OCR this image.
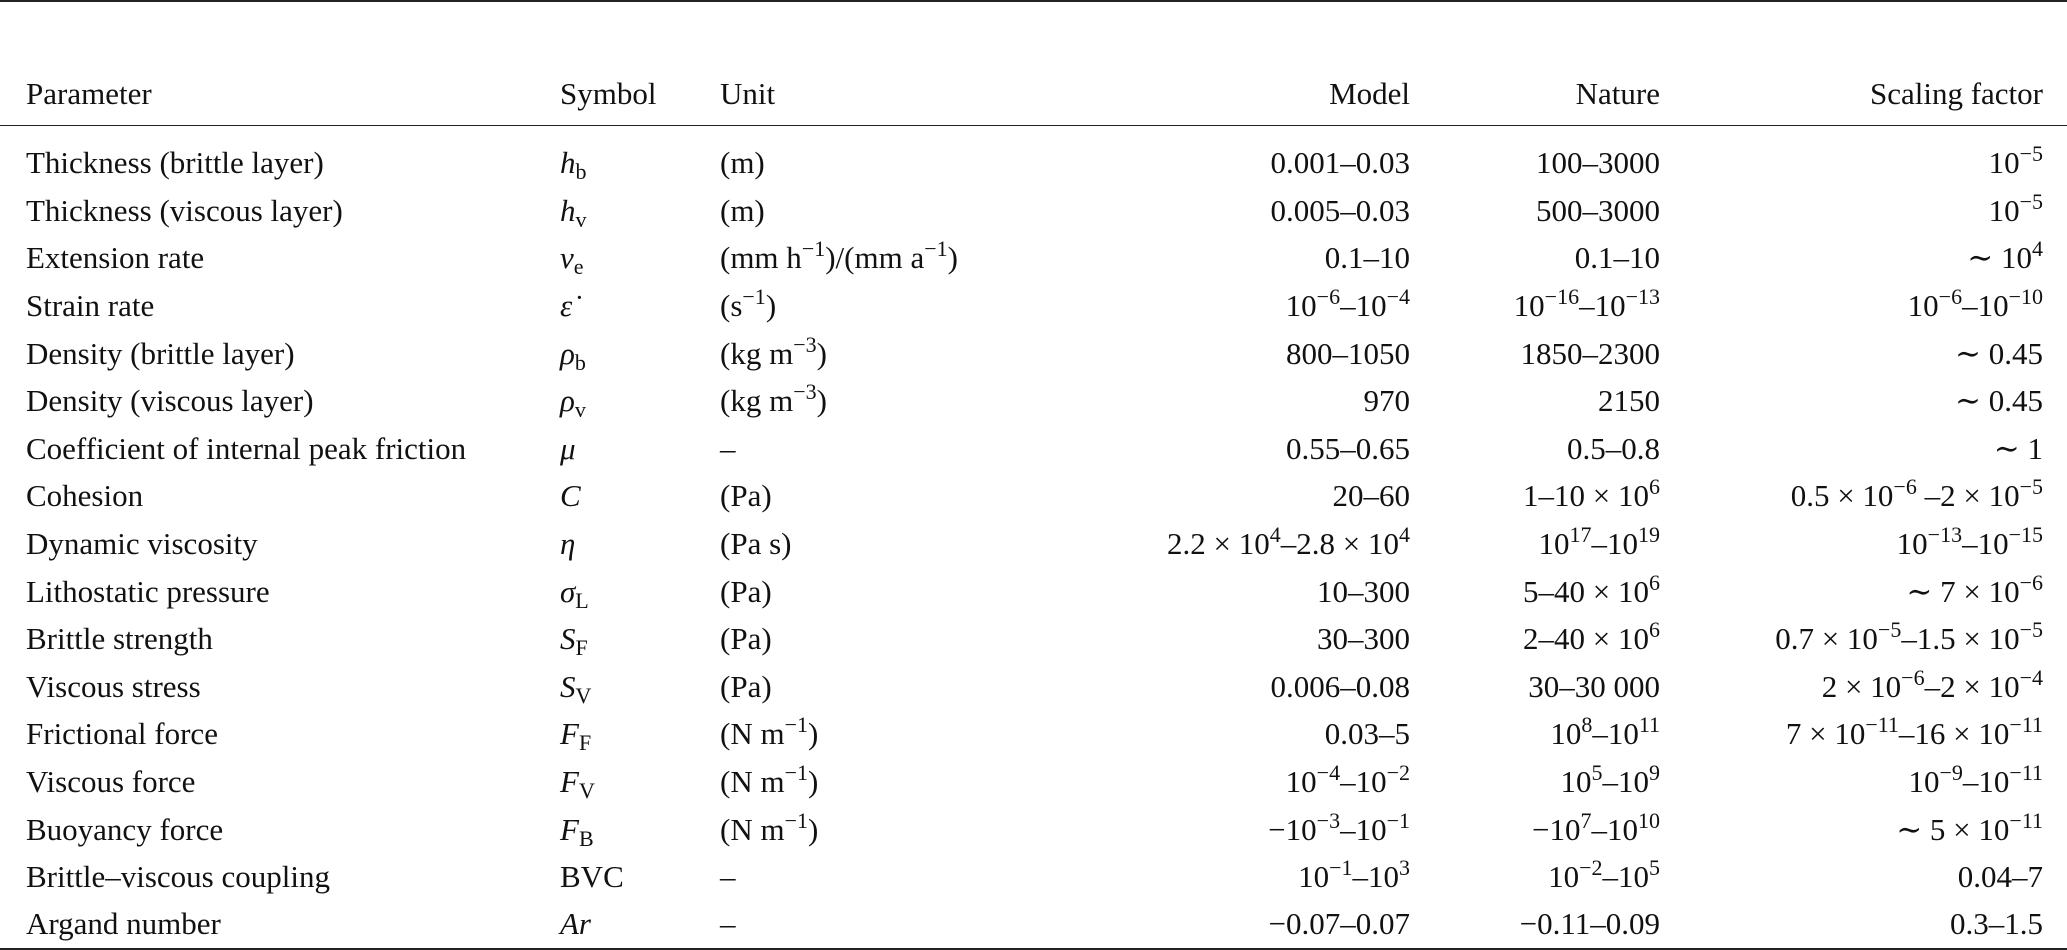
Parameter	Symbol	Unit	Model	Nature	Scaling factor

Thickness (brittle layer)	$h_b$	(m)	0.001–0.03	100–3000	$10^{-5}$
Thickness (viscous layer)	$h_v$	(m)	0.005–0.03	500–3000	$10^{-5}$
Extension rate	$v_e$	(mm $h^{-1})/(mm$ $a^{-1}$)	0.1–10	0.1–10	∼ $10^4$
Strain rate	ε̇	$(s^{-1})$	$10^{-6}-10^{-4}$	$10^{-16}-10^{-13}$	$10^{-6}-10^{-10}$
Density (brittle layer)	$\rho_b$	(kg $m^{-3}$)	800–1050	1850–2300	∼ 0.45
Density (viscous layer)	$\rho_v$	(kg $m^{-3}$)	970	2150	∼ 0.45
Coefficient of internal peak friction	μ	–	0.55–0.65	0.5–0.8	∼ 1
Cohesion	C	(Pa)	20–60	$1-10 \times 10^6$	$0.5 \times 10^{-6}$ $-2 \times 10^{-5}$
Dynamic viscosity	η	(Pa s)	$2.2 \times 10^4-2.8 \times 10^4$	$10^{17}-10^{19}$	$10^{-13}-10^{-15}$
Lithostatic pressure	$\sigma_L$	(Pa)	10–300	$5-40 \times 10^6$	∼ $7 \times 10^{-6}$
Brittle strength	$S_F$	(Pa)	30–300	$2-40 \times 10^6$	$0.7 \times 10^{-5}-1.5 \times 10^{-5}$
Viscous stress	$S_V$	(Pa)	0.006–0.08	30–30 000	$2 \times 10^{-6}-2 \times 10^{-4}$
Frictional force	$F_F$	(N $m^{-1}$)	0.03–5	$10^8-10^{11}$	$7 \times 10^{-11}-16 \times 10^{-11}$
Viscous force	$F_V$	(N $m^{-1}$)	$10^{-4}-10^{-2}$	$10^5-10^9$	$10^{-9}-10^{-11}$
Buoyancy force	$F_B$	(N $m^{-1}$)	$-10^{-3}-10^{-1}$	$-10^7-10^{10}$	∼ $5 \times 10^{-11}$
Brittle–viscous coupling	BVC	–	$10^{-1}-10^3$	$10^{-2}-10^5$	0.04–7
Argand number	Ar	–	−0.07–0.07	−0.11–0.09	0.3–1.5
